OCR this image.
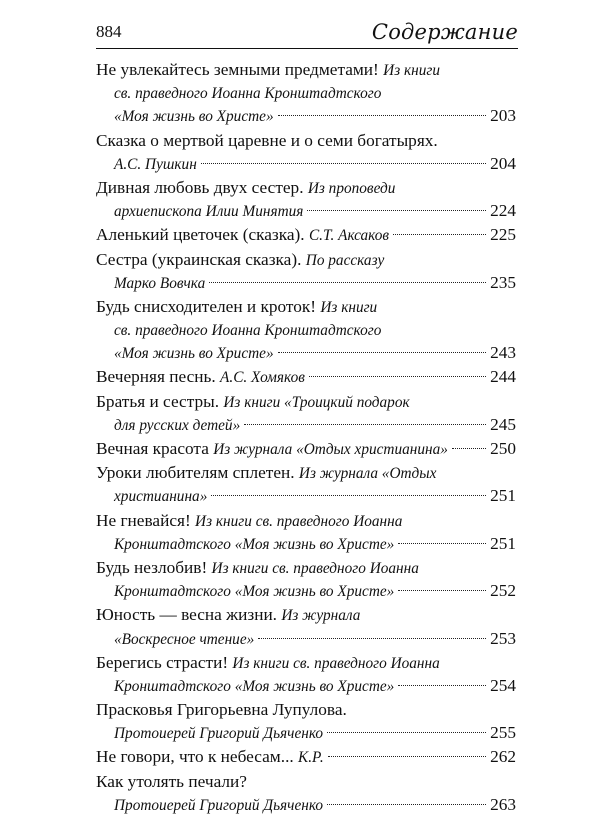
884	Содержание
Не увлекайтесь земными предметами! Из книги
св. праведного Иоанна Кронштадтского
«Моя жизнь во Христе»	203
Сказка о мертвой царевне и о семи богатырях.
А.С. Пушкин	204
Дивная любовь двух сестер. Из проповеди
архиепископа Илии Минятия	224
Аленький цветочек (сказка). С.Т. Аксаков	225
Сестра (украинская сказка). По рассказу
Марко Вовчка	235
Будь снисходителен и кроток! Из книги
св. праведного Иоанна Кронштадтского
«Моя жизнь во Христе»	243
Вечерняя песнь. А.С. Хомяков	244
Братья и сестры. Из книги «Троицкий подарок
для русских детей»	245
Вечная красота Из журнала «Отдых христианина» 250
Уроки любителям сплетен. Из журнала «Отдых
христианина»	251
Не гневайся! Из книги св. праведного Иоанна
Кронштадтского «Моя жизнь во Христе»	251
Будь незлобив! Из книги св. праведного Иоанна
Кронштадтского «Моя жизнь во Христе»	252
Юность — весна жизни. Из журнала
«Воскресное чтение»	253
Берегись страсти! Из книги св. праведного Иоанна
Кронштадтского «Моя жизнь во Христе»	254
Прасковья Григорьевна Лупулова.
Протоиерей Григорий Дьяченко	255
Не говори, что к небесам... К.Р.	262
Как утолять печали?
Протоиерей Григорий Дьяченко	263
